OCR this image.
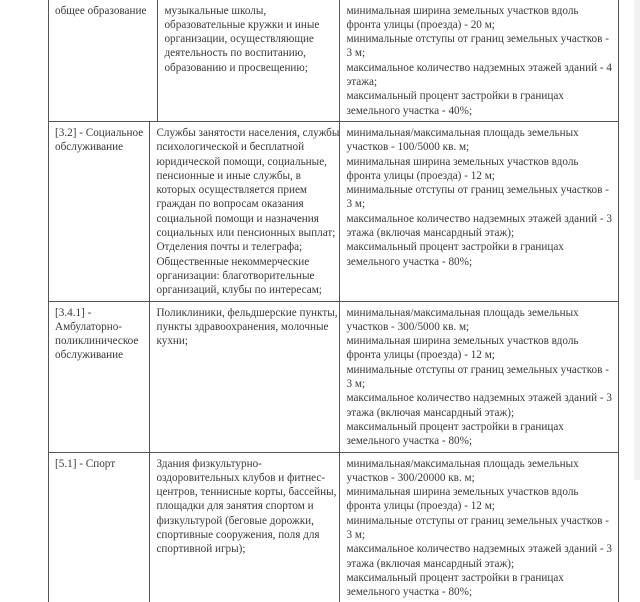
общее образование

	музыкальные школы,
образовательные кружки и иные
организации, осуществляющие
деятельность по воспитанию,
образованию и просвещению;

минимальная ширина земельных участков вдоль
фронта улицы (проезда) - 20 м;
минимальные отступы от границ земельных участков -
3 м;
максимальное количество надземных этажей зданий - 4
этажа;
максимальный процент застройки в границах
земельного участка - 40%;
[3.2] - Социальное
обслуживание
Службы занятости населения, службы
психологической и бесплатной
юридической помощи, социальные,
пенсионные и иные службы, в
которых осуществляется прием
граждан по вопросам оказания
социальной помощи и назначения
социальных или пенсионных выплат;
Отделения почты и телеграфа;
Общественные некоммерческие
организации: благотворительные
организаций, клубы по интересам;
минимальная/максимальная площадь земельных
участков - 100/5000 кв. м;
минимальная ширина земельных участков вдоль
фронта улицы (проезда) - 12 м;
минимальные отступы от границ земельных участков -
3 м;
максимальное количество надземных этажей зданий - 3
этажа (включая мансардный этаж);
максимальный процент застройки в границах
земельного участка - 80%;
[3.4.1] -
Амбулаторно-
поликлиническое
обслуживание
Поликлиники, фельдшерские пункты,
пункты здравоохранения, молочные
кухни;
минимальная/максимальная площадь земельных
участков - 300/5000 кв. м;
минимальная ширина земельных участков вдоль
фронта улицы (проезда) - 12 м;
минимальные отступы от границ земельных участков -
3 м;
максимальное количество надземных этажей зданий - 3
этажа (включая мансардный этаж);
максимальный процент застройки в границах
земельного участка - 80%;
[5.1] - Спорт	Здания физкультурно-
оздоровительных клубов и фитнес-
центров, теннисные корты, бассейны,
площадки для занятия спортом и
физкультурой (беговые дорожки,
спортивные сооружения, поля для
спортивной игры);
минимальная/максимальная площадь земельных
участков - 300/20000 кв. м;
минимальная ширина земельных участков вдоль
фронта улицы (проезда) - 12 м;
минимальные отступы от границ земельных участков -
3 м;
максимальное количество надземных этажей зданий - 3
этажа (включая мансардный этаж);
максимальный процент застройки в границах
земельного участка - 80%;
